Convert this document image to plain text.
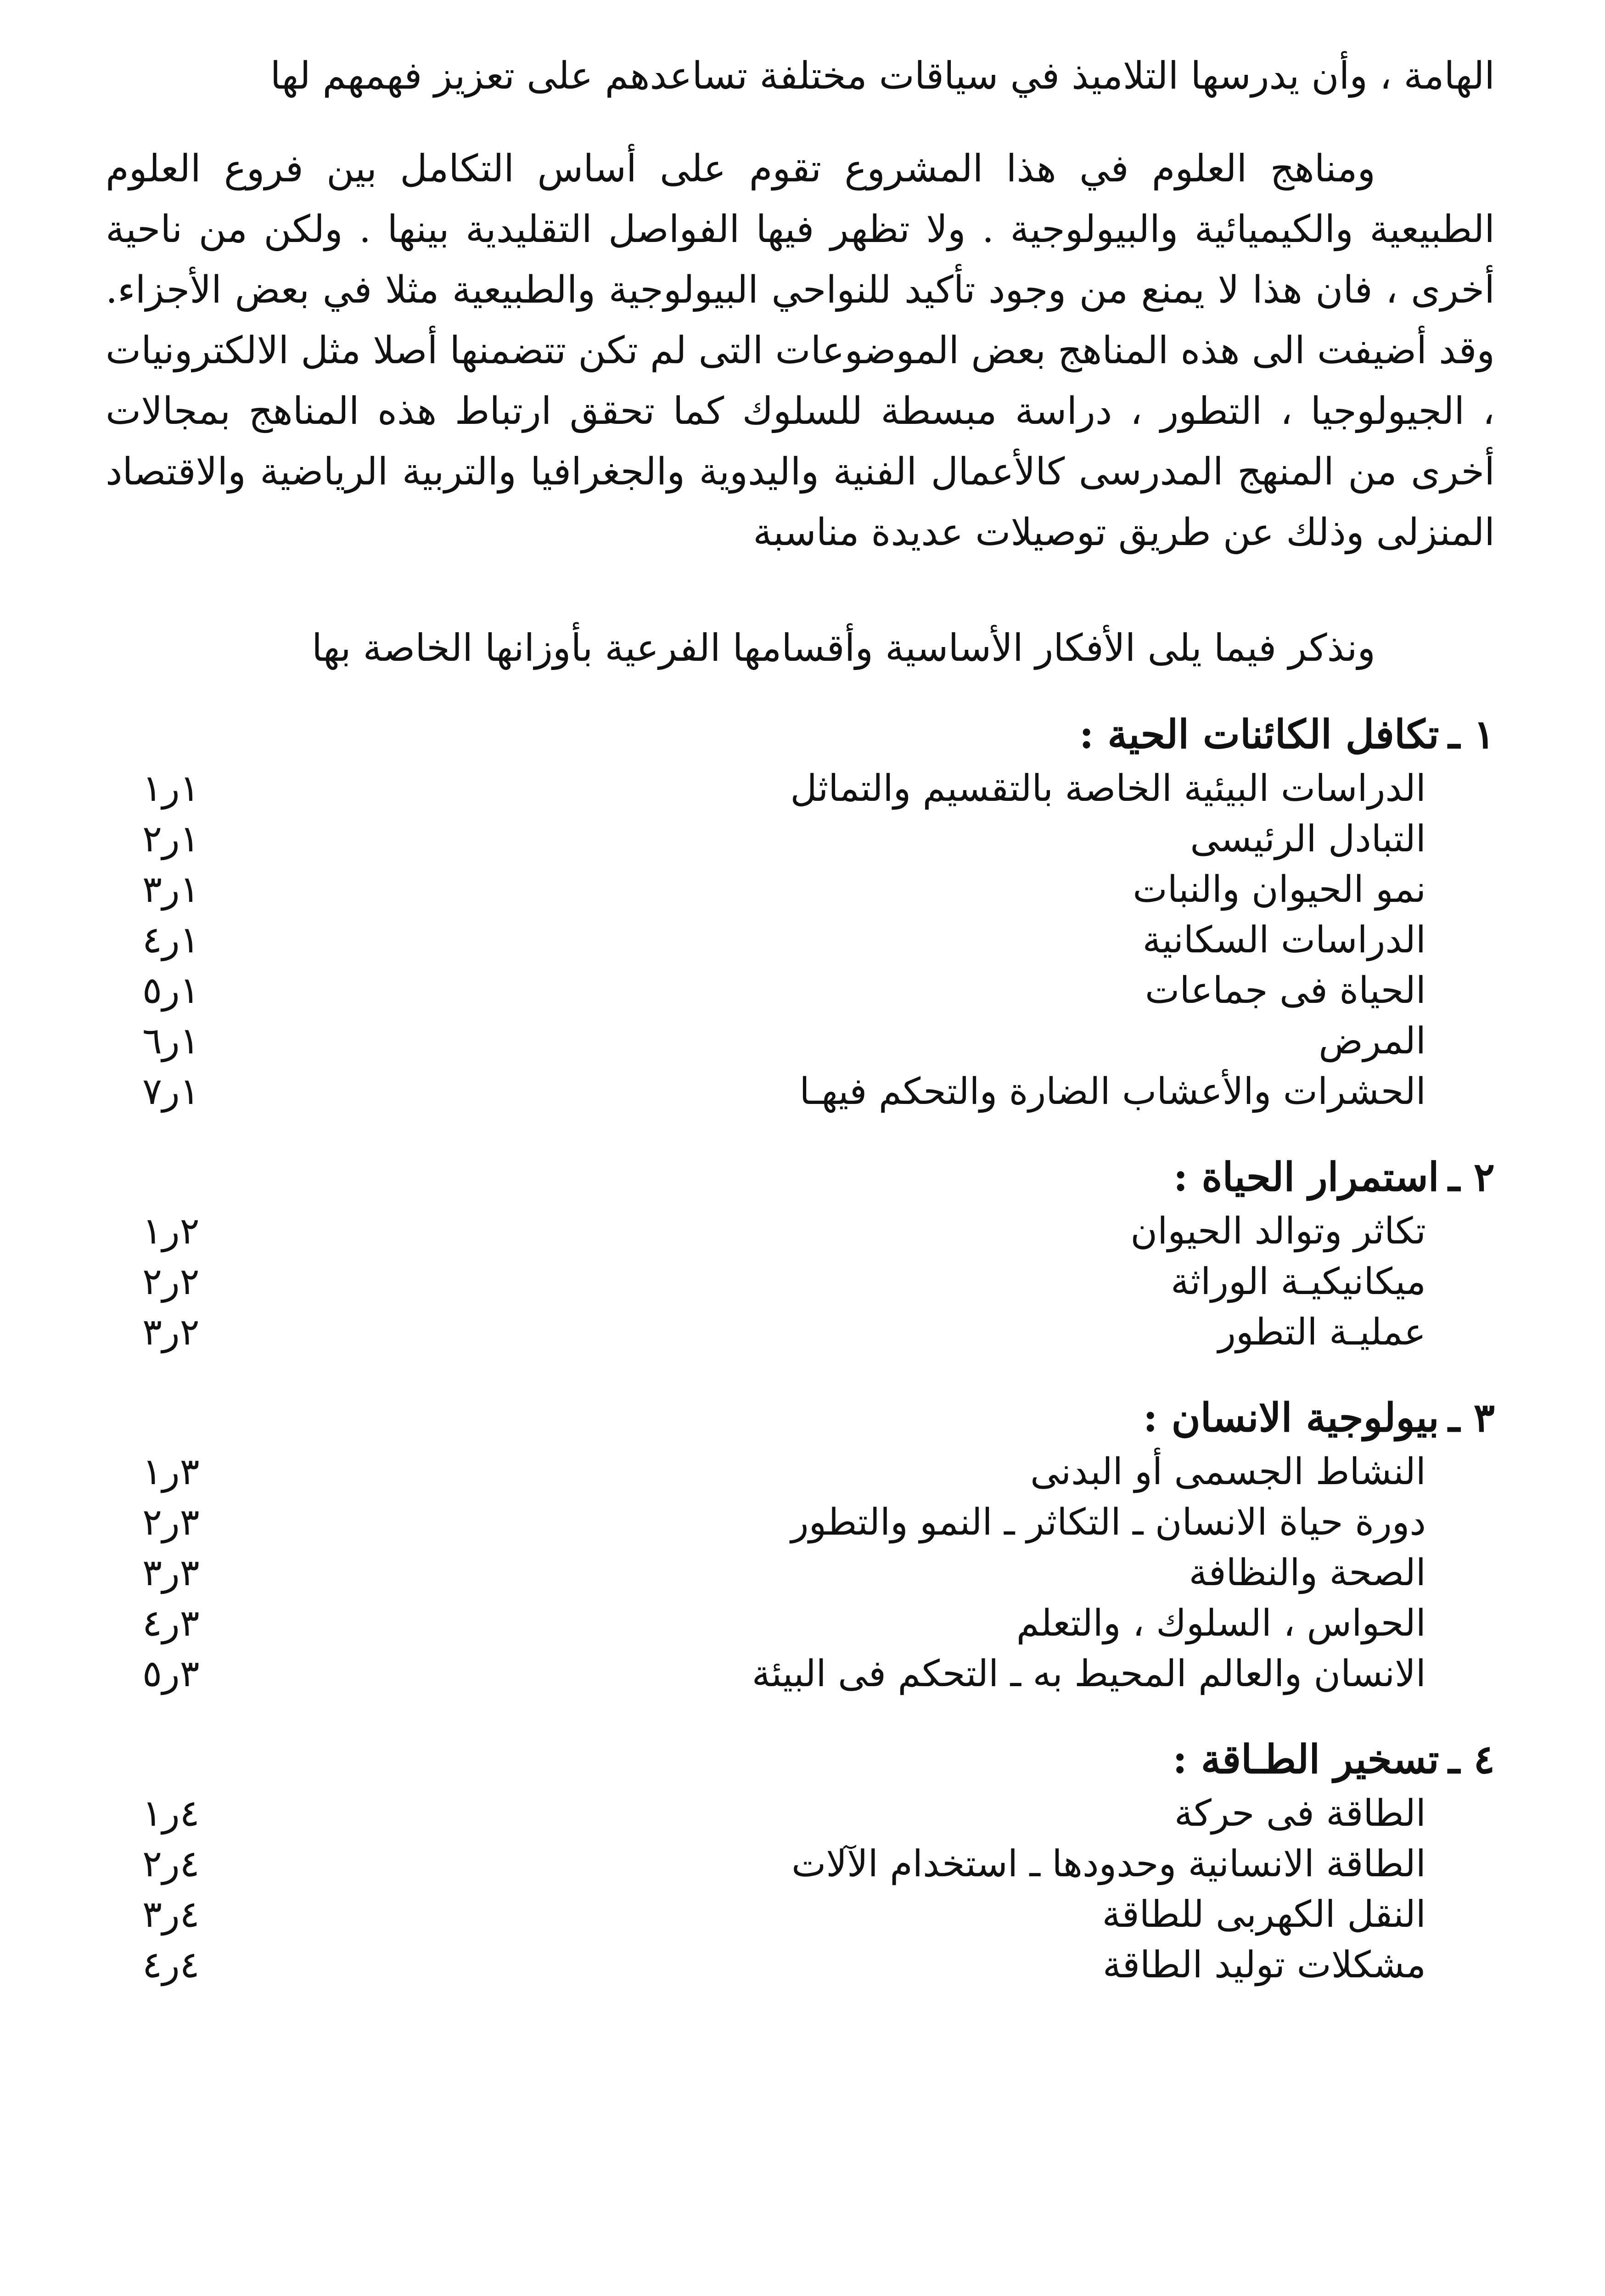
الهامة ، وأن يدرسها التلاميذ في سياقات مختلفة تساعدهم على تعزيز فهمهم لها

ومناهج العلوم في هذا المشروع تقوم على أساس التكامل بين فروع العلوم الطبيعية والكيميائية والبيولوجية . ولا تظهر فيها الفواصل التقليدية بينها . ولكن من ناحية أخرى ، فان هذا لا يمنع من وجود تأكيد للنواحي البيولوجية والطبيعية مثلا في بعض الأجزاء. وقد أضيفت الى هذه المناهج بعض الموضوعات التى لم تكن تتضمنها أصلا مثل الالكترونيات ، الجيولوجيا ، التطور ، دراسة مبسطة للسلوك كما تحقق ارتباط هذه المناهج بمجالات أخرى من المنهج المدرسى كالأعمال الفنية واليدوية والجغرافيا والتربية الرياضية والاقتصاد المنزلى وذلك عن طريق توصيلات عديدة مناسبة

ونذكر فيما يلى الأفكار الأساسية وأقسامها الفرعية بأوزانها الخاصة بها

١ ـ
تكافل الكائنات الحية :
الدراسات البيئية الخاصة بالتقسيم والتماثل
١ر١
التبادل الرئيسى
١ر٢
نمو الحيوان والنبات
١ر٣
الدراسات السكانية
١ر٤
الحياة فى جماعات
١ر٥
المرض
١ر٦
الحشرات والأعشاب الضارة والتحكم فيهـا
١ر٧
٢ ـ
استمرار الحياة :
تكاثر وتوالد الحيوان
٢ر١
ميكانيكيـة الوراثة
٢ر٢
عمليـة التطور
٢ر٣
٣ ـ
بيولوجية الانسان :
النشاط الجسمى أو البدنى
٣ر١
دورة حياة الانسان ـ التكاثر ـ النمو والتطور
٣ر٢
الصحة والنظافة
٣ر٣
الحواس ، السلوك ، والتعلم
٣ر٤
الانسان والعالم المحيط به ـ التحكم فى البيئة
٣ر٥
٤ ـ
تسخير الطـاقة :
الطاقة فى حركة
٤ر١
الطاقة الانسانية وحدودها ـ استخدام الآلات
٤ر٢
النقل الكهربى للطاقة
٤ر٣
مشكلات توليد الطاقة
٤ر٤
